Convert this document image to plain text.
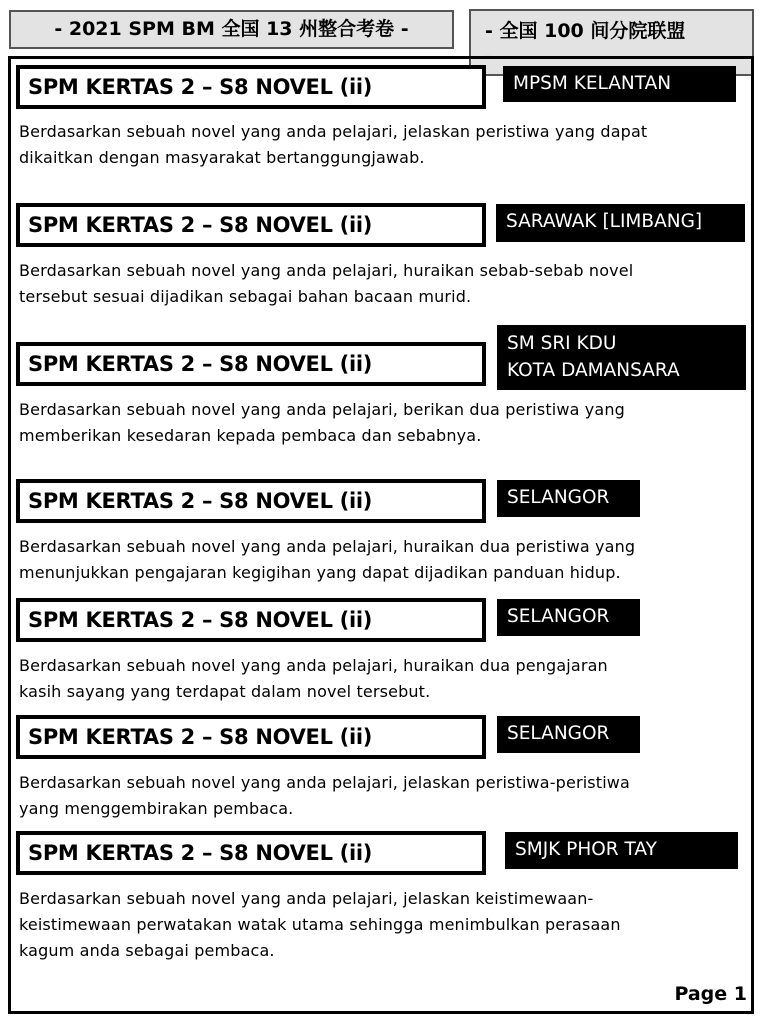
- 2021 SPM BM 全国 13 州整合考卷 -	- 全国 100 间分院联盟
-
SPM KERTAS 2 – S8 NOVEL (ii)	MPSM KELANTAN
Berdasarkan sebuah novel yang anda pelajari, jelaskan peristiwa yang dapat
dikaitkan dengan masyarakat bertanggungjawab.
SPM KERTAS 2 – S8 NOVEL (ii)	SARAWAK [LIMBANG]
Berdasarkan sebuah novel yang anda pelajari, huraikan sebab-sebab novel
tersebut sesuai dijadikan sebagai bahan bacaan murid.
SPM KERTAS 2 – S8 NOVEL (ii)
SM SRI KDU
KOTA DAMANSARA
Berdasarkan sebuah novel yang anda pelajari, berikan dua peristiwa yang
memberikan kesedaran kepada pembaca dan sebabnya.
SPM KERTAS 2 – S8 NOVEL (ii)	SELANGOR
Berdasarkan sebuah novel yang anda pelajari, huraikan dua peristiwa yang
menunjukkan pengajaran kegigihan yang dapat dijadikan panduan hidup.
SPM KERTAS 2 – S8 NOVEL (ii)	SELANGOR
Berdasarkan sebuah novel yang anda pelajari, huraikan dua pengajaran
kasih sayang yang terdapat dalam novel tersebut.
SPM KERTAS 2 – S8 NOVEL (ii)	SELANGOR
Berdasarkan sebuah novel yang anda pelajari, jelaskan peristiwa-peristiwa
yang menggembirakan pembaca.
SPM KERTAS 2 – S8 NOVEL (ii)	SMJK PHOR TAY
Berdasarkan sebuah novel yang anda pelajari, jelaskan keistimewaan-
keistimewaan perwatakan watak utama sehingga menimbulkan perasaan
kagum anda sebagai pembaca.
Page 1
